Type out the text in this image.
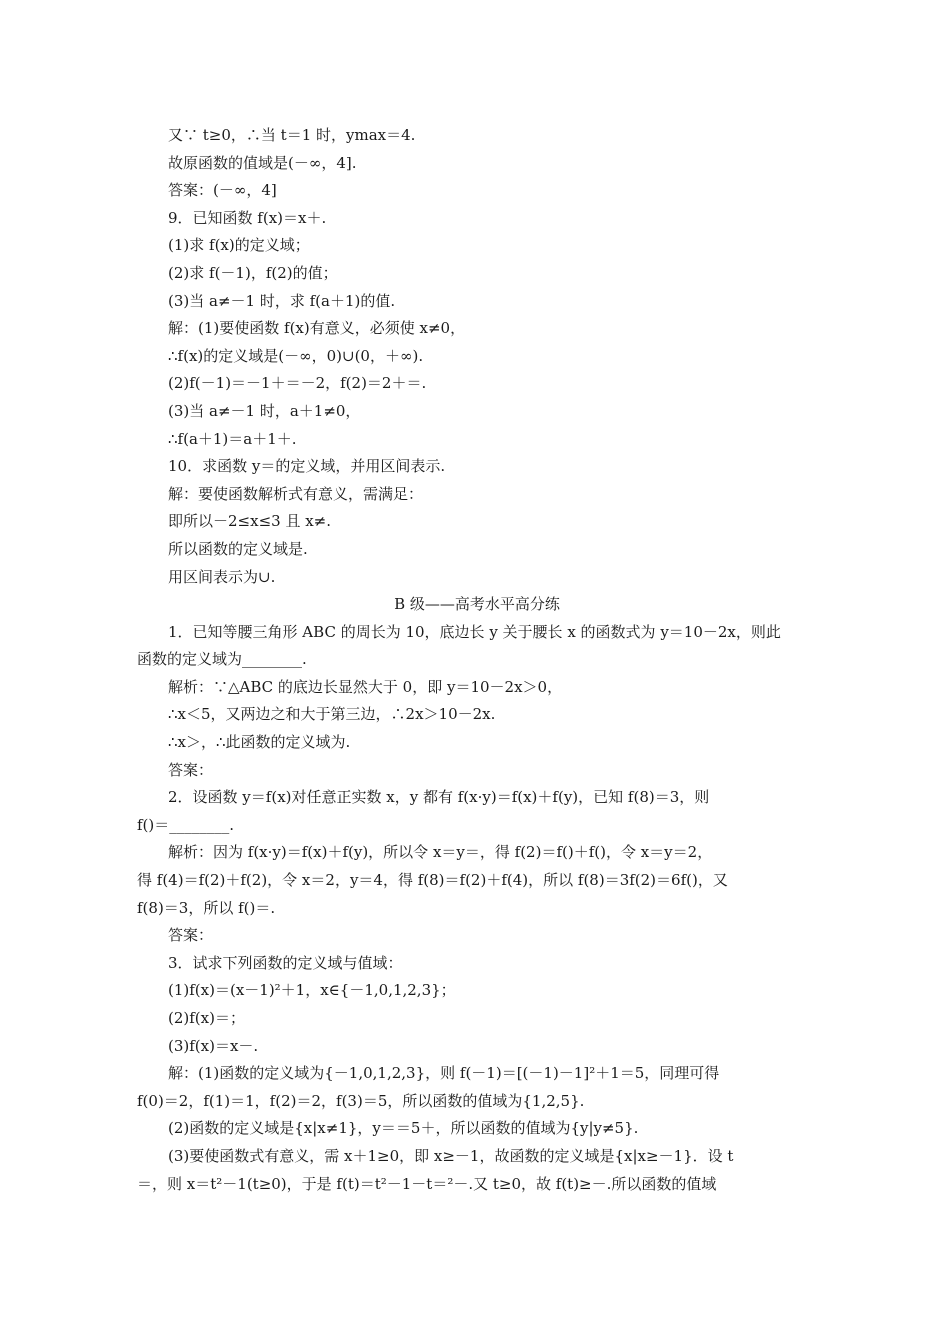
又∵ t≥0，∴当 t＝1 时，ymax＝4.
故原函数的值域是(－∞，4].
答案：(－∞，4]
9．已知函数 f(x)＝x＋.
(1)求 f(x)的定义域；
(2)求 f(－1)，f(2)的值；
(3)当 a≠－1 时，求 f(a＋1)的值.
解：(1)要使函数 f(x)有意义，必须使 x≠0，
∴f(x)的定义域是(－∞，0)∪(0，＋∞).
(2)f(－1)＝－1＋＝－2，f(2)＝2＋＝.
(3)当 a≠－1 时，a＋1≠0，
∴f(a＋1)＝a＋1＋.
10．求函数 y＝的定义域，并用区间表示.
解：要使函数解析式有意义，需满足：
即所以－2≤x≤3 且 x≠.
所以函数的定义域是.
用区间表示为∪.
B 级——高考水平高分练
1．已知等腰三角形 ABC 的周长为 10，底边长 y 关于腰长 x 的函数式为 y＝10－2x，则此
函数的定义域为________.
解析：∵△ABC 的底边长显然大于 0，即 y＝10－2x＞0，
∴x＜5，又两边之和大于第三边，∴2x＞10－2x.
∴x＞，∴此函数的定义域为.
答案：
2．设函数 y＝f(x)对任意正实数 x，y 都有 f(x·y)＝f(x)＋f(y)，已知 f(8)＝3，则
f()＝________.
解析：因为 f(x·y)＝f(x)＋f(y)，所以令 x＝y＝，得 f(2)＝f()＋f()，令 x＝y＝2，
得 f(4)＝f(2)＋f(2)，令 x＝2，y＝4，得 f(8)＝f(2)＋f(4)，所以 f(8)＝3f(2)＝6f()，又
f(8)＝3，所以 f()＝.
答案：
3．试求下列函数的定义域与值域：
(1)f(x)＝(x－1)²＋1，x∈{－1,0,1,2,3}；
(2)f(x)＝；
(3)f(x)＝x－.
解：(1)函数的定义域为{－1,0,1,2,3}，则 f(－1)＝[(－1)－1]²＋1＝5，同理可得
f(0)＝2，f(1)＝1，f(2)＝2，f(3)＝5，所以函数的值域为{1,2,5}.
(2)函数的定义域是{x|x≠1}，y＝＝5＋，所以函数的值域为{y|y≠5}.
(3)要使函数式有意义，需 x＋1≥0，即 x≥－1，故函数的定义域是{x|x≥－1}．设 t
＝，则 x＝t²－1(t≥0)，于是 f(t)＝t²－1－t＝²－.又 t≥0，故 f(t)≥－.所以函数的值域
